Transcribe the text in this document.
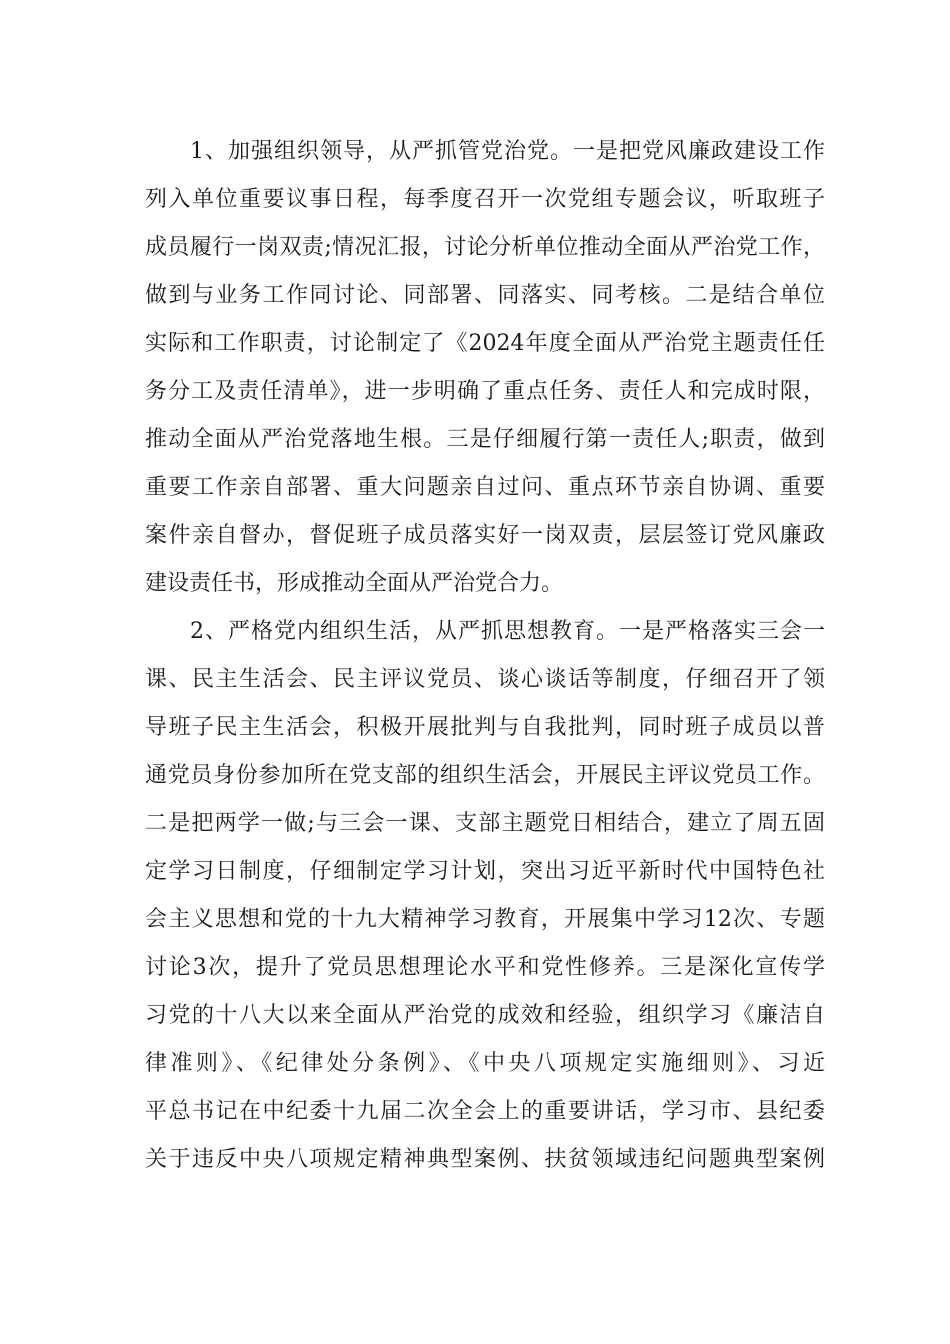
1、加强组织领导，从严抓管党治党。一是把党风廉政建设工作
列入单位重要议事日程，每季度召开一次党组专题会议，听取班子
成员履行一岗双责;情况汇报，讨论分析单位推动全面从严治党工作，
做到与业务工作同讨论、同部署、同落实、同考核。二是结合单位
实际和工作职责，讨论制定了《2024年度全面从严治党主题责任任
务分工及责任清单》，进一步明确了重点任务、责任人和完成时限，
推动全面从严治党落地生根。三是仔细履行第一责任人;职责，做到
重要工作亲自部署、重大问题亲自过问、重点环节亲自协调、重要
案件亲自督办，督促班子成员落实好一岗双责，层层签订党风廉政
建设责任书，形成推动全面从严治党合力。
2、严格党内组织生活，从严抓思想教育。一是严格落实三会一
课、民主生活会、民主评议党员、谈心谈话等制度，仔细召开了领
导班子民主生活会，积极开展批判与自我批判，同时班子成员以普
通党员身份参加所在党支部的组织生活会，开展民主评议党员工作。
二是把两学一做;与三会一课、支部主题党日相结合，建立了周五固
定学习日制度，仔细制定学习计划，突出习近平新时代中国特色社
会主义思想和党的十九大精神学习教育，开展集中学习12次、专题
讨论3次，提升了党员思想理论水平和党性修养。三是深化宣传学
习党的十八大以来全面从严治党的成效和经验，组织学习《廉洁自
律准则》、《纪律处分条例》、《中央八项规定实施细则》、习近
平总书记在中纪委十九届二次全会上的重要讲话，学习市、县纪委
关于违反中央八项规定精神典型案例、扶贫领域违纪问题典型案例
